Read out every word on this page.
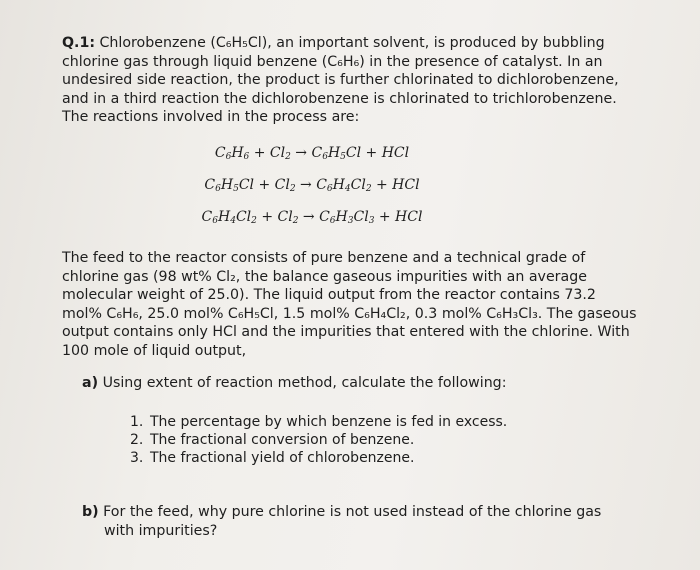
Q.1: Chlorobenzene (C₆H₅Cl), an important solvent, is produced by bubbling
chlorine gas through liquid benzene (C₆H₆) in the presence of catalyst. In an
undesired side reaction, the product is further chlorinated to dichlorobenzene,
and in a third reaction the dichlorobenzene is chlorinated to trichlorobenzene.
The reactions involved in the process are:

$C_6H_6 + Cl_2 \to C_6H_5Cl$ + HCl
$C_6H_5Cl + Cl_2 \to C_6H_4Cl_2$ + HCl
$C_6H_4Cl_2 + Cl_2 \to C_6H_3Cl_3$ + HCl

The feed to the reactor consists of pure benzene and a technical grade of
chlorine gas (98 wt% Cl₂, the balance gaseous impurities with an average
molecular weight of 25.0). The liquid output from the reactor contains 73.2
mol% C₆H₆, 25.0 mol% C₆H₅Cl, 1.5 mol% C₆H₄Cl₂, 0.3 mol% C₆H₃Cl₃. The gaseous
output contains only HCl and the impurities that entered with the chlorine. With
100 mole of liquid output,

a) Using extent of reaction method, calculate the following:
1. The percentage by which benzene is fed in excess.
2. The fractional conversion of benzene.
3. The fractional yield of chlorobenzene.
b) For the feed, why pure chlorine is not used instead of the chlorine gas
with impurities?
